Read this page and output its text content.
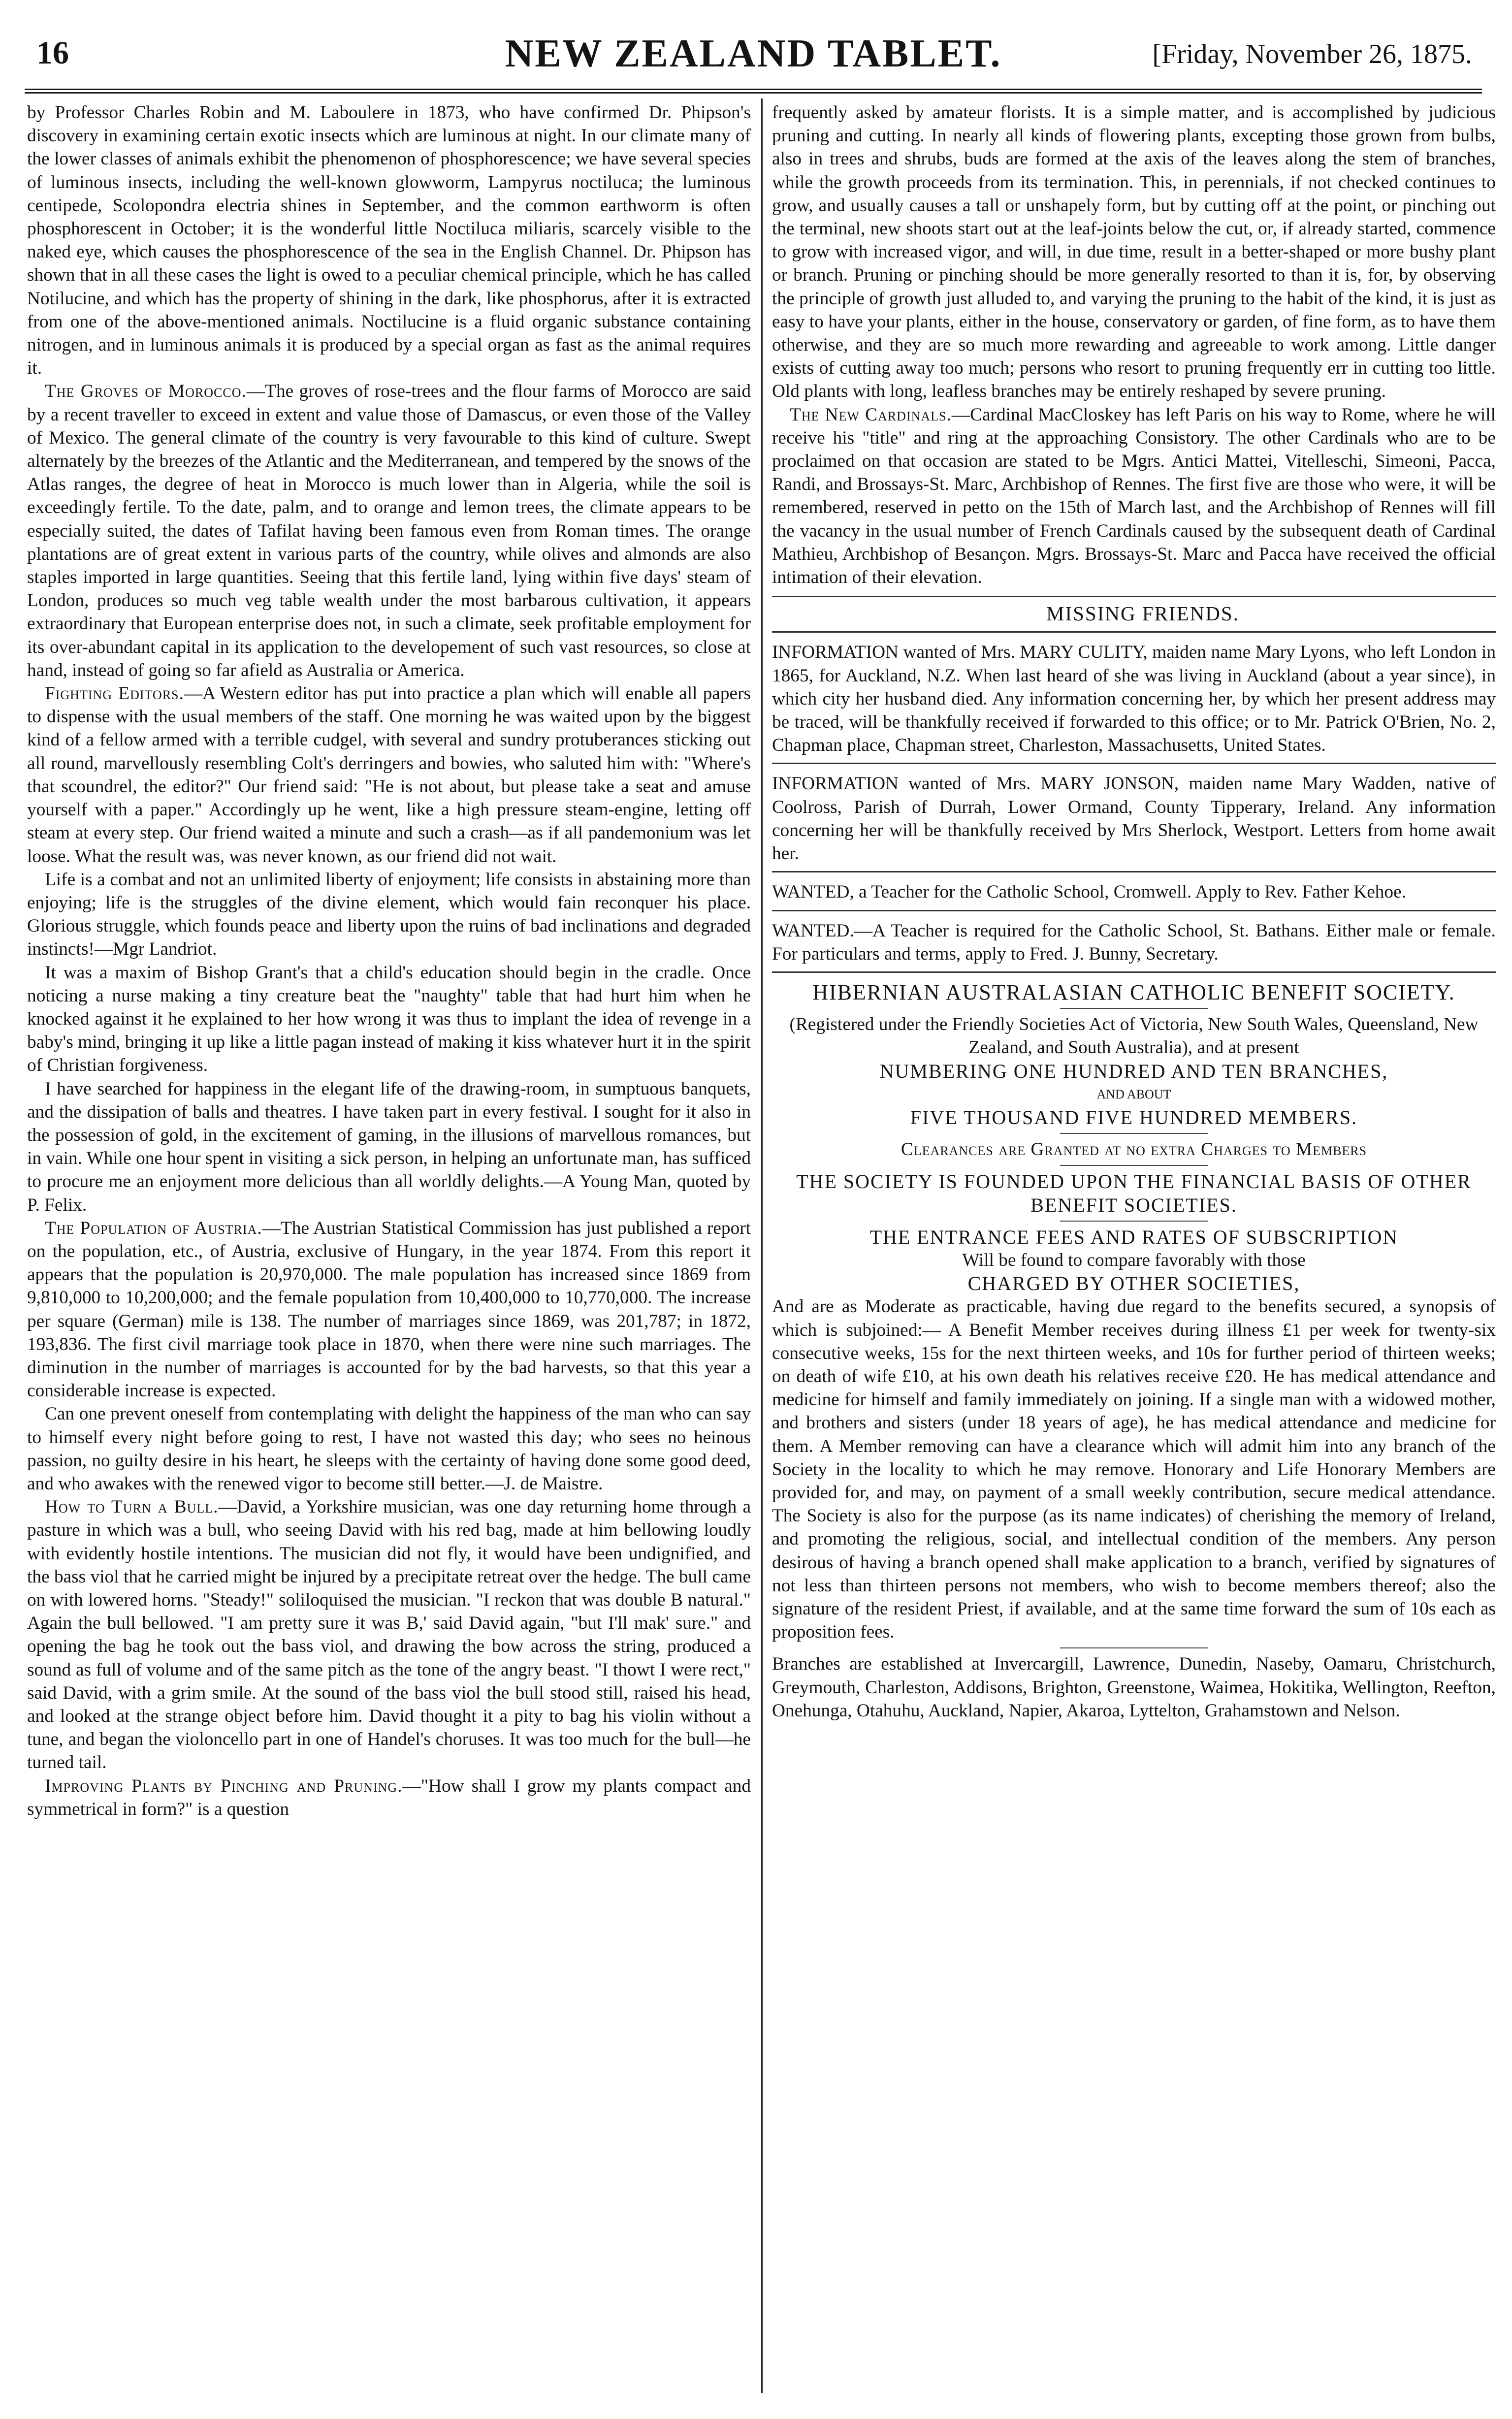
16	NEW ZEALAND TABLET.	[Friday, November 26, 1875.

by Professor Charles Robin and M. Laboulere in 1873, who have confirmed Dr. Phipson's discovery in examining certain exotic insects which are luminous at night. In our climate many of the lower classes of animals exhibit the phenomenon of phosphorescence; we have several species of luminous insects, including the well-known glowworm, Lampyrus noctiluca; the luminous centipede, Scolopondra electria shines in September, and the common earthworm is often phosphorescent in October; it is the wonderful little Noctiluca miliaris, scarcely visible to the naked eye, which causes the phosphorescence of the sea in the English Channel. Dr. Phipson has shown that in all these cases the light is owed to a peculiar chemical principle, which he has called Notilucine, and which has the property of shining in the dark, like phosphorus, after it is extracted from one of the above-mentioned animals. Noctilucine is a fluid organic substance containing nitrogen, and in luminous animals it is produced by a special organ as fast as the animal requires it.

The Groves of Morocco.—The groves of rose-trees and the flour farms of Morocco are said by a recent traveller to exceed in extent and value those of Damascus, or even those of the Valley of Mexico. The general climate of the country is very favourable to this kind of culture. Swept alternately by the breezes of the Atlantic and the Mediterranean, and tempered by the snows of the Atlas ranges, the degree of heat in Morocco is much lower than in Algeria, while the soil is exceedingly fertile. To the date, palm, and to orange and lemon trees, the climate appears to be especially suited, the dates of Tafilat having been famous even from Roman times. The orange plantations are of great extent in various parts of the country, while olives and almonds are also staples imported in large quantities. Seeing that this fertile land, lying within five days' steam of London, produces so much veg table wealth under the most barbarous cultivation, it appears extraordinary that European enterprise does not, in such a climate, seek profitable employment for its over-abundant capital in its application to the developement of such vast resources, so close at hand, instead of going so far afield as Australia or America.

Fighting Editors.—A Western editor has put into practice a plan which will enable all papers to dispense with the usual members of the staff. One morning he was waited upon by the biggest kind of a fellow armed with a terrible cudgel, with several and sundry protuberances sticking out all round, marvellously resembling Colt's derringers and bowies, who saluted him with: "Where's that scoundrel, the editor?" Our friend said: "He is not about, but please take a seat and amuse yourself with a paper." Accordingly up he went, like a high pressure steam-engine, letting off steam at every step. Our friend waited a minute and such a crash—as if all pandemonium was let loose. What the result was, was never known, as our friend did not wait.

Life is a combat and not an unlimited liberty of enjoyment; life consists in abstaining more than enjoying; life is the struggles of the divine element, which would fain reconquer his place. Glorious struggle, which founds peace and liberty upon the ruins of bad inclinations and degraded instincts!—Mgr Landriot.

It was a maxim of Bishop Grant's that a child's education should begin in the cradle. Once noticing a nurse making a tiny creature beat the "naughty" table that had hurt him when he knocked against it he explained to her how wrong it was thus to implant the idea of revenge in a baby's mind, bringing it up like a little pagan instead of making it kiss whatever hurt it in the spirit of Christian forgiveness.

I have searched for happiness in the elegant life of the drawing-room, in sumptuous banquets, and the dissipation of balls and theatres. I have taken part in every festival. I sought for it also in the possession of gold, in the excitement of gaming, in the illusions of marvellous romances, but in vain. While one hour spent in visiting a sick person, in helping an unfortunate man, has sufficed to procure me an enjoyment more delicious than all worldly delights.—A Young Man, quoted by P. Felix.

The Population of Austria.—The Austrian Statistical Commission has just published a report on the population, etc., of Austria, exclusive of Hungary, in the year 1874. From this report it appears that the population is 20,970,000. The male population has increased since 1869 from 9,810,000 to 10,200,000; and the female population from 10,400,000 to 10,770,000. The increase per square (German) mile is 138. The number of marriages since 1869, was 201,787; in 1872, 193,836. The first civil marriage took place in 1870, when there were nine such marriages. The diminution in the number of marriages is accounted for by the bad harvests, so that this year a considerable increase is expected.

Can one prevent oneself from contemplating with delight the happiness of the man who can say to himself every night before going to rest, I have not wasted this day; who sees no heinous passion, no guilty desire in his heart, he sleeps with the certainty of having done some good deed, and who awakes with the renewed vigor to become still better.—J. de Maistre.

How to Turn a Bull.—David, a Yorkshire musician, was one day returning home through a pasture in which was a bull, who seeing David with his red bag, made at him bellowing loudly with evidently hostile intentions. The musician did not fly, it would have been undignified, and the bass viol that he carried might be injured by a precipitate retreat over the hedge. The bull came on with lowered horns. "Steady!" soliloquised the musician. "I reckon that was double B natural." Again the bull bellowed. "I am pretty sure it was B,' said David again, "but I'll mak' sure." and opening the bag he took out the bass viol, and drawing the bow across the string, produced a sound as full of volume and of the same pitch as the tone of the angry beast. "I thowt I were rect," said David, with a grim smile. At the sound of the bass viol the bull stood still, raised his head, and looked at the strange object before him. David thought it a pity to bag his violin without a tune, and began the violoncello part in one of Handel's choruses. It was too much for the bull—he turned tail.

Improving Plants by Pinching and Pruning.—"How shall I grow my plants compact and symmetrical in form?" is a question

frequently asked by amateur florists. It is a simple matter, and is accomplished by judicious pruning and cutting. In nearly all kinds of flowering plants, excepting those grown from bulbs, also in trees and shrubs, buds are formed at the axis of the leaves along the stem of branches, while the growth proceeds from its termination. This, in perennials, if not checked continues to grow, and usually causes a tall or unshapely form, but by cutting off at the point, or pinching out the terminal, new shoots start out at the leaf-joints below the cut, or, if already started, commence to grow with increased vigor, and will, in due time, result in a better-shaped or more bushy plant or branch. Pruning or pinching should be more generally resorted to than it is, for, by observing the principle of growth just alluded to, and varying the pruning to the habit of the kind, it is just as easy to have your plants, either in the house, conservatory or garden, of fine form, as to have them otherwise, and they are so much more rewarding and agreeable to work among. Little danger exists of cutting away too much; persons who resort to pruning frequently err in cutting too little. Old plants with long, leafless branches may be entirely reshaped by severe pruning.

The New Cardinals.—Cardinal MacCloskey has left Paris on his way to Rome, where he will receive his "title" and ring at the approaching Consistory. The other Cardinals who are to be proclaimed on that occasion are stated to be Mgrs. Antici Mattei, Vitelleschi, Simeoni, Pacca, Randi, and Brossays-St. Marc, Archbishop of Rennes. The first five are those who were, it will be remembered, reserved in petto on the 15th of March last, and the Archbishop of Rennes will fill the vacancy in the usual number of French Cardinals caused by the subsequent death of Cardinal Mathieu, Archbishop of Besançon. Mgrs. Brossays-St. Marc and Pacca have received the official intimation of their elevation.

MISSING FRIENDS.

INFORMATION wanted of Mrs. MARY CULITY, maiden name Mary Lyons, who left London in 1865, for Auckland, N.Z. When last heard of she was living in Auckland (about a year since), in which city her husband died. Any information concerning her, by which her present address may be traced, will be thankfully received if forwarded to this office; or to Mr. Patrick O'Brien, No. 2, Chapman place, Chapman street, Charleston, Massachusetts, United States.

INFORMATION wanted of Mrs. MARY JONSON, maiden name Mary Wadden, native of Coolross, Parish of Durrah, Lower Ormand, County Tipperary, Ireland. Any information concerning her will be thankfully received by Mrs Sherlock, Westport. Letters from home await her.

WANTED, a Teacher for the Catholic School, Cromwell. Apply to Rev. Father Kehoe.

WANTED.—A Teacher is required for the Catholic School, St. Bathans. Either male or female. For particulars and terms, apply to Fred. J. Bunny, Secretary.

HIBERNIAN AUSTRALASIAN CATHOLIC BENEFIT SOCIETY.

(Registered under the Friendly Societies Act of Victoria, New South Wales, Queensland, New Zealand, and South Australia), and at present

NUMBERING ONE HUNDRED AND TEN BRANCHES,

AND ABOUT

FIVE THOUSAND FIVE HUNDRED MEMBERS.

Clearances are Granted at no extra Charges to Members

THE SOCIETY IS FOUNDED UPON THE FINANCIAL BASIS OF OTHER BENEFIT SOCIETIES.

THE ENTRANCE FEES AND RATES OF SUBSCRIPTION

Will be found to compare favorably with those

CHARGED BY OTHER SOCIETIES,

And are as Moderate as practicable, having due regard to the benefits secured, a synopsis of which is subjoined:— A Benefit Member receives during illness £1 per week for twenty-six consecutive weeks, 15s for the next thirteen weeks, and 10s for further period of thirteen weeks; on death of wife £10, at his own death his relatives receive £20. He has medical attendance and medicine for himself and family immediately on joining. If a single man with a widowed mother, and brothers and sisters (under 18 years of age), he has medical attendance and medicine for them. A Member removing can have a clearance which will admit him into any branch of the Society in the locality to which he may remove. Honorary and Life Honorary Members are provided for, and may, on payment of a small weekly contribution, secure medical attendance. The Society is also for the purpose (as its name indicates) of cherishing the memory of Ireland, and promoting the religious, social, and intellectual condition of the members. Any person desirous of having a branch opened shall make application to a branch, verified by signatures of not less than thirteen persons not members, who wish to become members thereof; also the signature of the resident Priest, if available, and at the same time forward the sum of 10s each as proposition fees.

Branches are established at Invercargill, Lawrence, Dunedin, Naseby, Oamaru, Christchurch, Greymouth, Charleston, Addisons, Brighton, Greenstone, Waimea, Hokitika, Wellington, Reefton, Onehunga, Otahuhu, Auckland, Napier, Akaroa, Lyttelton, Grahamstown and Nelson.
